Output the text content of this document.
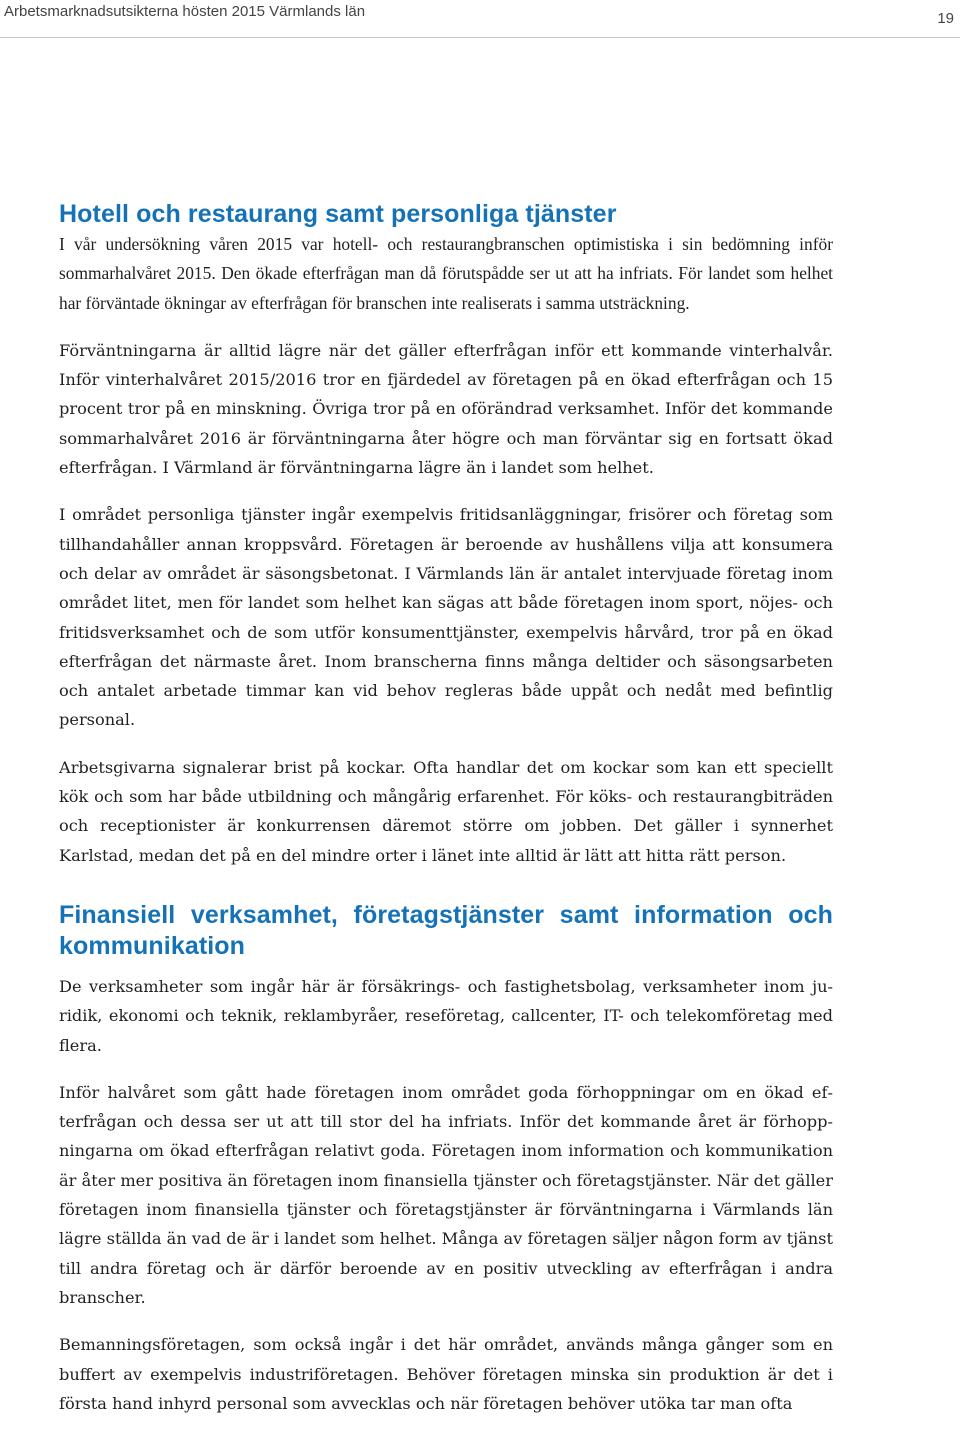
Arbetsmarknadsutsikterna hösten 2015 Värmlands län	19
Hotell och restaurang samt personliga tjänster

I vår undersökning våren 2015 var hotell- och restaurangbranschen optimistiska i sin bedömning inför sommarhalvåret 2015. Den ökade efterfrågan man då förutspådde ser ut att ha infriats. För landet som helhet har förväntade ökningar av efterfrågan för branschen inte realiserats i samma utsträckning.

Förväntningarna är alltid lägre när det gäller efterfrågan inför ett kommande vinterhalvår. Inför vinterhalvåret 2015/2016 tror en fjärdedel av företagen på en ökad efterfrågan och 15 procent tror på en minskning. Övriga tror på en oförändrad verksamhet. Inför det kommande sommarhalvåret 2016 är förväntningarna åter högre och man förväntar sig en fortsatt ökad efterfrågan. I Värmland är förväntningarna lägre än i landet som helhet.

I området personliga tjänster ingår exempelvis fritidsanläggningar, frisörer och företag som tillhandahåller annan kroppsvård. Företagen är beroende av hushållens vilja att konsumera och delar av området är säsongsbetonat. I Värmlands län är antalet intervjuade företag inom området litet, men för landet som helhet kan sägas att både företagen inom sport, nöjes- och fritidsverksamhet och de som utför konsumenttjänster, exempelvis hårvård, tror på en ökad efterfrågan det närmaste året. Inom branscherna finns många deltider och säsongsarbeten och antalet arbetade timmar kan vid behov regleras både uppåt och nedåt med befintlig personal.

Arbetsgivarna signalerar brist på kockar. Ofta handlar det om kockar som kan ett speciellt kök och som har både utbildning och mångårig erfarenhet. För köks- och restaurangbiträden och receptionister är konkurrensen däremot större om jobben. Det gäller i synnerhet Karlstad, medan det på en del mindre orter i länet inte alltid är lätt att hitta rätt person.

Finansiell verksamhet, företagstjänster samt information och kommunikation

De verksamheter som ingår här är försäkrings- och fastighetsbolag, verksamheter inom juridik, ekonomi och teknik, reklambyråer, reseföretag, callcenter, IT- och telekomföretag med flera.

Inför halvåret som gått hade företagen inom området goda förhoppningar om en ökad efterfrågan och dessa ser ut att till stor del ha infriats. Inför det kommande året är förhoppningarna om ökad efterfrågan relativt goda. Företagen inom information och kommunikation är åter mer positiva än företagen inom finansiella tjänster och företagstjänster. När det gäller företagen inom finansiella tjänster och företagstjänster är förväntningarna i Värmlands län lägre ställda än vad de är i landet som helhet. Många av företagen säljer någon form av tjänst till andra företag och är därför beroende av en positiv utveckling av efterfrågan i andra branscher.

Bemanningsföretagen, som också ingår i det här området, används många gånger som en buffert av exempelvis industriföretagen. Behöver företagen minska sin produktion är det i första hand inhyrd personal som avvecklas och när företagen behöver utöka tar man ofta
